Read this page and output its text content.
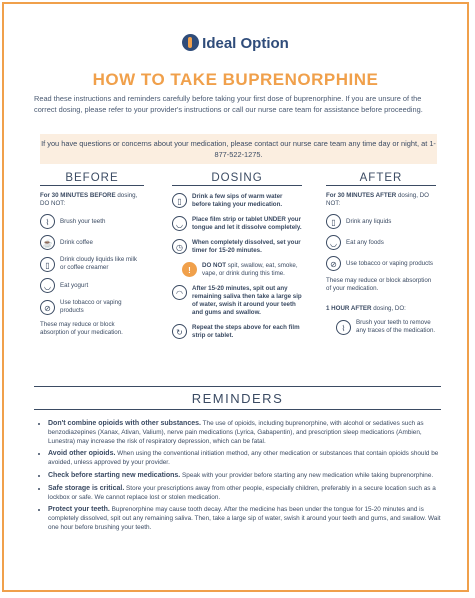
Ideal Option
HOW TO TAKE BUPRENORPHINE
Read these instructions and reminders carefully before taking your first dose of buprenorphine. If you are unsure of the correct dosing, please refer to your provider's instructions or call our nurse care team for assistance before proceeding.
If you have questions or concerns about your medication, please contact our nurse care team any time day or night, at 1-877-522-1275.
BEFORE
For 30 MINUTES BEFORE dosing, DO NOT:
⌇	Brush your teeth
☕	Drink coffee
▯
Drink cloudy liquids like milk or coffee creamer
◡	Eat yogurt
⊘
Use tobacco or vaping products
These may reduce or block absorption of your medication.
DOSING
▯
Drink a few sips of warm water before taking your medication.
◡
Place film strip or tablet UNDER your tongue and let it dissolve completely.
◷
When completely dissolved, set your timer for 15-20 minutes.
!
DO NOT spit, swallow, eat, smoke, vape, or drink during this time.
◠
After 15-20 minutes, spit out any remaining saliva then take a large sip of water, swish it around your teeth and gums and swallow.
↻
Repeat the steps above for each film strip or tablet.
AFTER
For 30 MINUTES AFTER dosing, DO NOT:
▯	Drink any liquids
◡	Eat any foods
⊘	Use tobacco or vaping products
These may reduce or block absorption of your medication.
1 HOUR AFTER dosing, DO:
⌇
Brush your teeth to remove any traces of the medication.
REMINDERS
• Don't combine opioids with other substances. The use of opioids, including buprenorphine, with alcohol or sedatives such as benzodiazepines (Xanax, Ativan, Valium), nerve pain medications (Lyrica, Gabapentin), and prescription sleep medications (Ambien, Lunestra) may increase the risk of respiratory depression, which can be fatal.
• Avoid other opioids. When using the conventional initiation method, any other medication or substances that contain opioids should be avoided, unless approved by your provider.
• Check before starting new medications. Speak with your provider before starting any new medication while taking buprenorphine.
• Safe storage is critical. Store your prescriptions away from other people, especially children, preferably in a secure location such as a lockbox or safe. We cannot replace lost or stolen medication.
• Protect your teeth. Buprenorphine may cause tooth decay. After the medicine has been under the tongue for 15-20 minutes and is completely dissolved, spit out any remaining saliva. Then, take a large sip of water, swish it around your teeth and gums, and swallow. Wait one hour before brushing your teeth.
